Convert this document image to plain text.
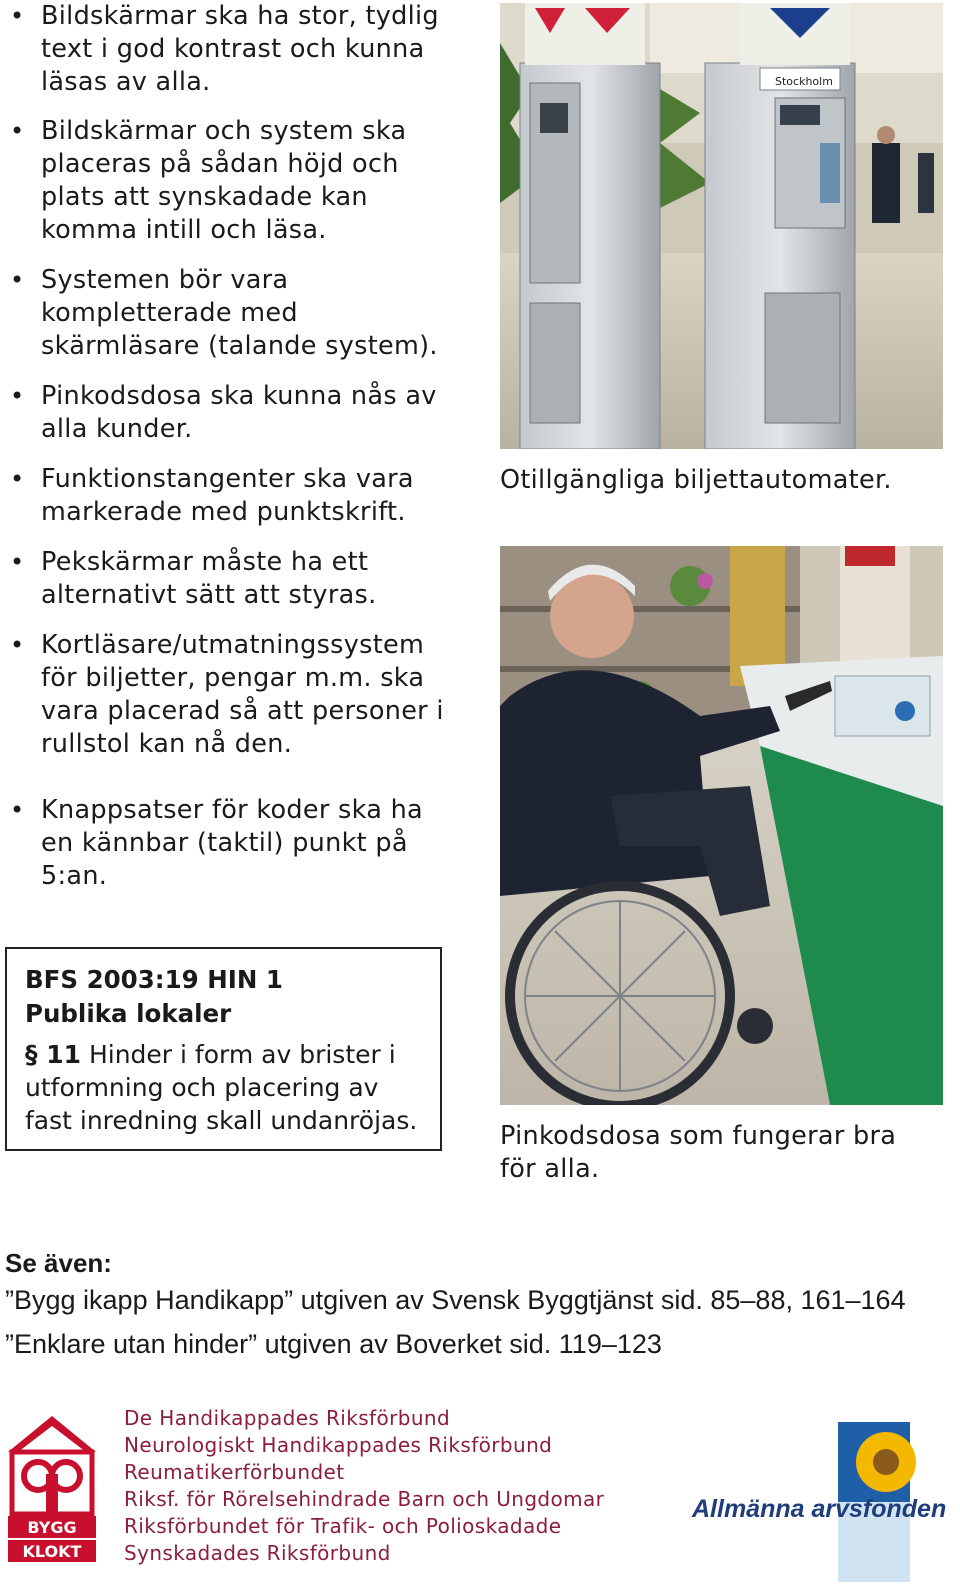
• Bildskärmar ska ha stor, tydlig text i god kontrast och kunna läsas av alla.
• Bildskärmar och system ska placeras på sådan höjd och plats att synskadade kan komma intill och läsa.
• Systemen bör vara kompletterade med skärmläsare (talande system).
• Pinkodsdosa ska kunna nås av alla kunder.
• Funktionstangenter ska vara markerade med punktskrift.
• Pekskärmar måste ha ett alternativt sätt att styras.
• Kortläsare/utmatningssystem för biljetter, pengar m.m. ska vara placerad så att personer i rullstol kan nå den.
• Knappsatser för koder ska ha en kännbar (taktil) punkt på 5:an.
Stockholm
Otillgängliga biljettautomater.
Pinkodsdosa som fungerar bra för alla.
BFS 2003:19 HIN 1
Publika lokaler
§ 11 Hinder i form av brister i utformning och placering av fast inredning skall undanröjas.
Se även:
”Bygg ikapp Handikapp” utgiven av Svensk Byggtjänst sid. 85–88, 161–164
”Enklare utan hinder” utgiven av Boverket sid. 119–123
BYGG
KLOKT
De Handikappades Riksförbund
Neurologiskt Handikappades Riksförbund
Reumatikerförbundet
Riksf. för Rörelsehindrade Barn och Ungdomar
Riksförbundet för Trafik- och Polioskadade
Synskadades Riksförbund
Allmänna arvsfonden
